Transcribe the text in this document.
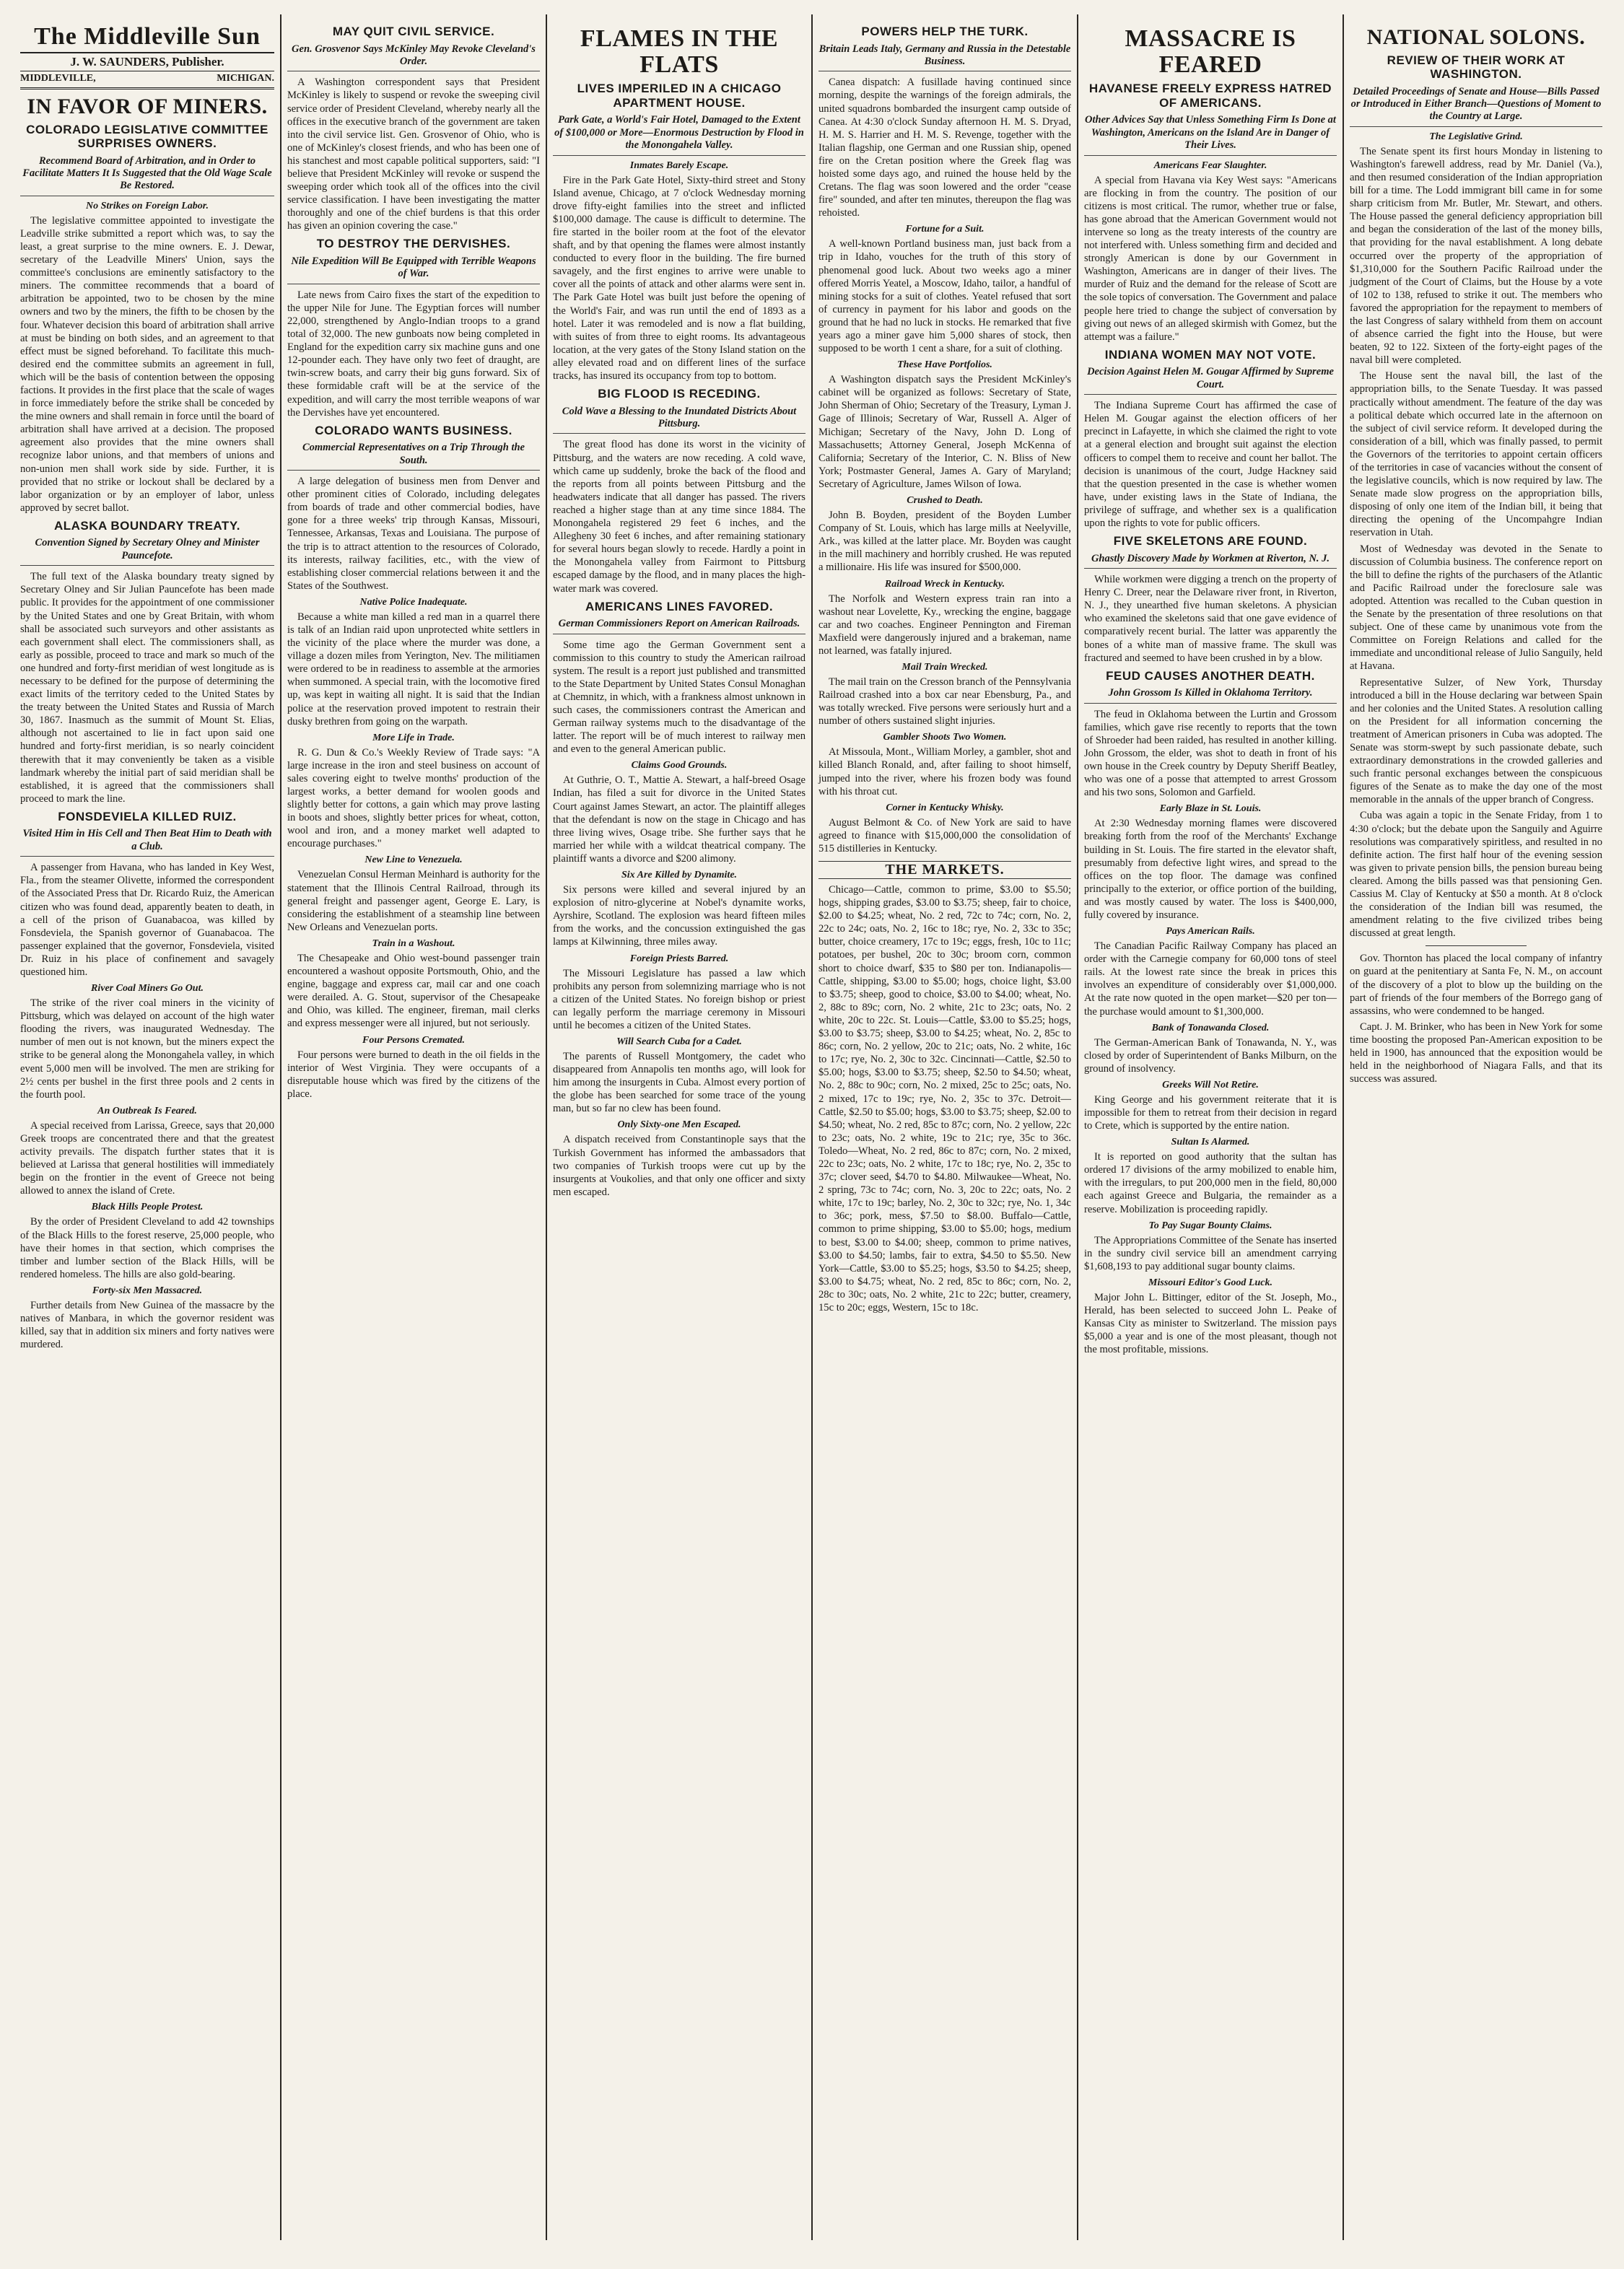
The Middleville Sun
J. W. SAUNDERS, Publisher.
MIDDLEVILLE,	MICHIGAN.
IN FAVOR OF MINERS.
COLORADO LEGISLATIVE COMMITTEE SURPRISES OWNERS.
Recommend Board of Arbitration, and in Order to Facilitate Matters It Is Suggested that the Old Wage Scale Be Restored.
No Strikes on Foreign Labor.

The legislative committee appointed to investigate the Leadville strike submitted a report which was, to say the least, a great surprise to the mine owners. E. J. Dewar, secretary of the Leadville Miners' Union, says the committee's conclusions are eminently satisfactory to the miners. The committee recommends that a board of arbitration be appointed, two to be chosen by the mine owners and two by the miners, the fifth to be chosen by the four. Whatever decision this board of arbitration shall arrive at must be binding on both sides, and an agreement to that effect must be signed beforehand. To facilitate this much-desired end the committee submits an agreement in full, which will be the basis of contention between the opposing factions. It provides in the first place that the scale of wages in force immediately before the strike shall be conceded by the mine owners and shall remain in force until the board of arbitration shall have arrived at a decision. The proposed agreement also provides that the mine owners shall recognize labor unions, and that members of unions and non-union men shall work side by side. Further, it is provided that no strike or lockout shall be declared by a labor organization or by an employer of labor, unless approved by secret ballot.

ALASKA BOUNDARY TREATY.
Convention Signed by Secretary Olney and Minister Pauncefote.

The full text of the Alaska boundary treaty signed by Secretary Olney and Sir Julian Pauncefote has been made public. It provides for the appointment of one commissioner by the United States and one by Great Britain, with whom shall be associated such surveyors and other assistants as each government shall elect. The commissioners shall, as early as possible, proceed to trace and mark so much of the one hundred and forty-first meridian of west longitude as is necessary to be defined for the purpose of determining the exact limits of the territory ceded to the United States by the treaty between the United States and Russia of March 30, 1867. Inasmuch as the summit of Mount St. Elias, although not ascertained to lie in fact upon said one hundred and forty-first meridian, is so nearly coincident therewith that it may conveniently be taken as a visible landmark whereby the initial part of said meridian shall be established, it is agreed that the commissioners shall proceed to mark the line.

FONSDEVIELA KILLED RUIZ.
Visited Him in His Cell and Then Beat Him to Death with a Club.

A passenger from Havana, who has landed in Key West, Fla., from the steamer Olivette, informed the correspondent of the Associated Press that Dr. Ricardo Ruiz, the American citizen who was found dead, apparently beaten to death, in a cell of the prison of Guanabacoa, was killed by Fonsdeviela, the Spanish governor of Guanabacoa. The passenger explained that the governor, Fonsdeviela, visited Dr. Ruiz in his place of confinement and savagely questioned him.

River Coal Miners Go Out.

The strike of the river coal miners in the vicinity of Pittsburg, which was delayed on account of the high water flooding the rivers, was inaugurated Wednesday. The number of men out is not known, but the miners expect the strike to be general along the Monongahela valley, in which event 5,000 men will be involved. The men are striking for 2½ cents per bushel in the first three pools and 2 cents in the fourth pool.

An Outbreak Is Feared.

A special received from Larissa, Greece, says that 20,000 Greek troops are concentrated there and that the greatest activity prevails. The dispatch further states that it is believed at Larissa that general hostilities will immediately begin on the frontier in the event of Greece not being allowed to annex the island of Crete.

Black Hills People Protest.

By the order of President Cleveland to add 42 townships of the Black Hills to the forest reserve, 25,000 people, who have their homes in that section, which comprises the timber and lumber section of the Black Hills, will be rendered homeless. The hills are also gold-bearing.

Forty-six Men Massacred.

Further details from New Guinea of the massacre by the natives of Manbara, in which the governor resident was killed, say that in addition six miners and forty natives were murdered.

MAY QUIT CIVIL SERVICE.
Gen. Grosvenor Says McKinley May Revoke Cleveland's Order.

A Washington correspondent says that President McKinley is likely to suspend or revoke the sweeping civil service order of President Cleveland, whereby nearly all the offices in the executive branch of the government are taken into the civil service list. Gen. Grosvenor of Ohio, who is one of McKinley's closest friends, and who has been one of his stanchest and most capable political supporters, said: "I believe that President McKinley will revoke or suspend the sweeping order which took all of the offices into the civil service classification. I have been investigating the matter thoroughly and one of the chief burdens is that this order has given an opinion covering the case."

TO DESTROY THE DERVISHES.
Nile Expedition Will Be Equipped with Terrible Weapons of War.

Late news from Cairo fixes the start of the expedition to the upper Nile for June. The Egyptian forces will number 22,000, strengthened by Anglo-Indian troops to a grand total of 32,000. The new gunboats now being completed in England for the expedition carry six machine guns and one 12-pounder each. They have only two feet of draught, are twin-screw boats, and carry their big guns forward. Six of these formidable craft will be at the service of the expedition, and will carry the most terrible weapons of war the Dervishes have yet encountered.

COLORADO WANTS BUSINESS.
Commercial Representatives on a Trip Through the South.

A large delegation of business men from Denver and other prominent cities of Colorado, including delegates from boards of trade and other commercial bodies, have gone for a three weeks' trip through Kansas, Missouri, Tennessee, Arkansas, Texas and Louisiana. The purpose of the trip is to attract attention to the resources of Colorado, its interests, railway facilities, etc., with the view of establishing closer commercial relations between it and the States of the Southwest.

Native Police Inadequate.

Because a white man killed a red man in a quarrel there is talk of an Indian raid upon unprotected white settlers in the vicinity of the place where the murder was done, a village a dozen miles from Yerington, Nev. The militiamen were ordered to be in readiness to assemble at the armories when summoned. A special train, with the locomotive fired up, was kept in waiting all night. It is said that the Indian police at the reservation proved impotent to restrain their dusky brethren from going on the warpath.

More Life in Trade.

R. G. Dun & Co.'s Weekly Review of Trade says: "A large increase in the iron and steel business on account of sales covering eight to twelve months' production of the largest works, a better demand for woolen goods and slightly better for cottons, a gain which may prove lasting in boots and shoes, slightly better prices for wheat, cotton, wool and iron, and a money market well adapted to encourage purchases."

New Line to Venezuela.

Venezuelan Consul Herman Meinhard is authority for the statement that the Illinois Central Railroad, through its general freight and passenger agent, George E. Lary, is considering the establishment of a steamship line between New Orleans and Venezuelan ports.

Train in a Washout.

The Chesapeake and Ohio west-bound passenger train encountered a washout opposite Portsmouth, Ohio, and the engine, baggage and express car, mail car and one coach were derailed. A. G. Stout, supervisor of the Chesapeake and Ohio, was killed. The engineer, fireman, mail clerks and express messenger were all injured, but not seriously.

Four Persons Cremated.

Four persons were burned to death in the oil fields in the interior of West Virginia. They were occupants of a disreputable house which was fired by the citizens of the place.

FLAMES IN THE FLATS
LIVES IMPERILED IN A CHICAGO APARTMENT HOUSE.
Park Gate, a World's Fair Hotel, Damaged to the Extent of $100,000 or More—Enormous Destruction by Flood in the Monongahela Valley.
Inmates Barely Escape.

Fire in the Park Gate Hotel, Sixty-third street and Stony Island avenue, Chicago, at 7 o'clock Wednesday morning drove fifty-eight families into the street and inflicted $100,000 damage. The cause is difficult to determine. The fire started in the boiler room at the foot of the elevator shaft, and by that opening the flames were almost instantly conducted to every floor in the building. The fire burned savagely, and the first engines to arrive were unable to cover all the points of attack and other alarms were sent in. The Park Gate Hotel was built just before the opening of the World's Fair, and was run until the end of 1893 as a hotel. Later it was remodeled and is now a flat building, with suites of from three to eight rooms. Its advantageous location, at the very gates of the Stony Island station on the alley elevated road and on different lines of the surface tracks, has insured its occupancy from top to bottom.

BIG FLOOD IS RECEDING.
Cold Wave a Blessing to the Inundated Districts About Pittsburg.

The great flood has done its worst in the vicinity of Pittsburg, and the waters are now receding. A cold wave, which came up suddenly, broke the back of the flood and the reports from all points between Pittsburg and the headwaters indicate that all danger has passed. The rivers reached a higher stage than at any time since 1884. The Monongahela registered 29 feet 6 inches, and the Allegheny 30 feet 6 inches, and after remaining stationary for several hours began slowly to recede. Hardly a point in the Monongahela valley from Fairmont to Pittsburg escaped damage by the flood, and in many places the high-water mark was covered.

AMERICANS LINES FAVORED.
German Commissioners Report on American Railroads.

Some time ago the German Government sent a commission to this country to study the American railroad system. The result is a report just published and transmitted to the State Department by United States Consul Monaghan at Chemnitz, in which, with a frankness almost unknown in such cases, the commissioners contrast the American and German railway systems much to the disadvantage of the latter. The report will be of much interest to railway men and even to the general American public.

Claims Good Grounds.

At Guthrie, O. T., Mattie A. Stewart, a half-breed Osage Indian, has filed a suit for divorce in the United States Court against James Stewart, an actor. The plaintiff alleges that the defendant is now on the stage in Chicago and has three living wives, Osage tribe. She further says that he married her while with a wildcat theatrical company. The plaintiff wants a divorce and $200 alimony.

Six Are Killed by Dynamite.

Six persons were killed and several injured by an explosion of nitro-glycerine at Nobel's dynamite works, Ayrshire, Scotland. The explosion was heard fifteen miles from the works, and the concussion extinguished the gas lamps at Kilwinning, three miles away.

Foreign Priests Barred.

The Missouri Legislature has passed a law which prohibits any person from solemnizing marriage who is not a citizen of the United States. No foreign bishop or priest can legally perform the marriage ceremony in Missouri until he becomes a citizen of the United States.

Will Search Cuba for a Cadet.

The parents of Russell Montgomery, the cadet who disappeared from Annapolis ten months ago, will look for him among the insurgents in Cuba. Almost every portion of the globe has been searched for some trace of the young man, but so far no clew has been found.

Only Sixty-one Men Escaped.

A dispatch received from Constantinople says that the Turkish Government has informed the ambassadors that two companies of Turkish troops were cut up by the insurgents at Voukolies, and that only one officer and sixty men escaped.

POWERS HELP THE TURK.
Britain Leads Italy, Germany and Russia in the Detestable Business.

Canea dispatch: A fusillade having continued since morning, despite the warnings of the foreign admirals, the united squadrons bombarded the insurgent camp outside of Canea. At 4:30 o'clock Sunday afternoon H. M. S. Dryad, H. M. S. Harrier and H. M. S. Revenge, together with the Italian flagship, one German and one Russian ship, opened fire on the Cretan position where the Greek flag was hoisted some days ago, and ruined the house held by the Cretans. The flag was soon lowered and the order "cease fire" sounded, and after ten minutes, thereupon the flag was rehoisted.

Fortune for a Suit.

A well-known Portland business man, just back from a trip in Idaho, vouches for the truth of this story of phenomenal good luck. About two weeks ago a miner offered Morris Yeatel, a Moscow, Idaho, tailor, a handful of mining stocks for a suit of clothes. Yeatel refused that sort of currency in payment for his labor and goods on the ground that he had no luck in stocks. He remarked that five years ago a miner gave him 5,000 shares of stock, then supposed to be worth 1 cent a share, for a suit of clothing.

These Have Portfolios.

A Washington dispatch says the President McKinley's cabinet will be organized as follows: Secretary of State, John Sherman of Ohio; Secretary of the Treasury, Lyman J. Gage of Illinois; Secretary of War, Russell A. Alger of Michigan; Secretary of the Navy, John D. Long of Massachusetts; Attorney General, Joseph McKenna of California; Secretary of the Interior, C. N. Bliss of New York; Postmaster General, James A. Gary of Maryland; Secretary of Agriculture, James Wilson of Iowa.

Crushed to Death.

John B. Boyden, president of the Boyden Lumber Company of St. Louis, which has large mills at Neelyville, Ark., was killed at the latter place. Mr. Boyden was caught in the mill machinery and horribly crushed. He was reputed a millionaire. His life was insured for $500,000.

Railroad Wreck in Kentucky.

The Norfolk and Western express train ran into a washout near Lovelette, Ky., wrecking the engine, baggage car and two coaches. Engineer Pennington and Fireman Maxfield were dangerously injured and a brakeman, name not learned, was fatally injured.

Mail Train Wrecked.

The mail train on the Cresson branch of the Pennsylvania Railroad crashed into a box car near Ebensburg, Pa., and was totally wrecked. Five persons were seriously hurt and a number of others sustained slight injuries.

Gambler Shoots Two Women.

At Missoula, Mont., William Morley, a gambler, shot and killed Blanch Ronald, and, after failing to shoot himself, jumped into the river, where his frozen body was found with his throat cut.

Corner in Kentucky Whisky.

August Belmont & Co. of New York are said to have agreed to finance with $15,000,000 the consolidation of 515 distilleries in Kentucky.

THE MARKETS.

Chicago—Cattle, common to prime, $3.00 to $5.50; hogs, shipping grades, $3.00 to $3.75; sheep, fair to choice, $2.00 to $4.25; wheat, No. 2 red, 72c to 74c; corn, No. 2, 22c to 24c; oats, No. 2, 16c to 18c; rye, No. 2, 33c to 35c; butter, choice creamery, 17c to 19c; eggs, fresh, 10c to 11c; potatoes, per bushel, 20c to 30c; broom corn, common short to choice dwarf, $35 to $80 per ton. Indianapolis—Cattle, shipping, $3.00 to $5.00; hogs, choice light, $3.00 to $3.75; sheep, good to choice, $3.00 to $4.00; wheat, No. 2, 88c to 89c; corn, No. 2 white, 21c to 23c; oats, No. 2 white, 20c to 22c. St. Louis—Cattle, $3.00 to $5.25; hogs, $3.00 to $3.75; sheep, $3.00 to $4.25; wheat, No. 2, 85c to 86c; corn, No. 2 yellow, 20c to 21c; oats, No. 2 white, 16c to 17c; rye, No. 2, 30c to 32c. Cincinnati—Cattle, $2.50 to $5.00; hogs, $3.00 to $3.75; sheep, $2.50 to $4.50; wheat, No. 2, 88c to 90c; corn, No. 2 mixed, 25c to 25c; oats, No. 2 mixed, 17c to 19c; rye, No. 2, 35c to 37c. Detroit—Cattle, $2.50 to $5.00; hogs, $3.00 to $3.75; sheep, $2.00 to $4.50; wheat, No. 2 red, 85c to 87c; corn, No. 2 yellow, 22c to 23c; oats, No. 2 white, 19c to 21c; rye, 35c to 36c. Toledo—Wheat, No. 2 red, 86c to 87c; corn, No. 2 mixed, 22c to 23c; oats, No. 2 white, 17c to 18c; rye, No. 2, 35c to 37c; clover seed, $4.70 to $4.80. Milwaukee—Wheat, No. 2 spring, 73c to 74c; corn, No. 3, 20c to 22c; oats, No. 2 white, 17c to 19c; barley, No. 2, 30c to 32c; rye, No. 1, 34c to 36c; pork, mess, $7.50 to $8.00. Buffalo—Cattle, common to prime shipping, $3.00 to $5.00; hogs, medium to best, $3.00 to $4.00; sheep, common to prime natives, $3.00 to $4.50; lambs, fair to extra, $4.50 to $5.50. New York—Cattle, $3.00 to $5.25; hogs, $3.50 to $4.25; sheep, $3.00 to $4.75; wheat, No. 2 red, 85c to 86c; corn, No. 2, 28c to 30c; oats, No. 2 white, 21c to 22c; butter, creamery, 15c to 20c; eggs, Western, 15c to 18c.

MASSACRE IS FEARED
HAVANESE FREELY EXPRESS HATRED OF AMERICANS.
Other Advices Say that Unless Something Firm Is Done at Washington, Americans on the Island Are in Danger of Their Lives.
Americans Fear Slaughter.

A special from Havana via Key West says: "Americans are flocking in from the country. The position of our citizens is most critical. The rumor, whether true or false, has gone abroad that the American Government would not intervene so long as the treaty interests of the country are not interfered with. Unless something firm and decided and strongly American is done by our Government in Washington, Americans are in danger of their lives. The murder of Ruiz and the demand for the release of Scott are the sole topics of conversation. The Government and palace people here tried to change the subject of conversation by giving out news of an alleged skirmish with Gomez, but the attempt was a failure."

INDIANA WOMEN MAY NOT VOTE.
Decision Against Helen M. Gougar Affirmed by Supreme Court.

The Indiana Supreme Court has affirmed the case of Helen M. Gougar against the election officers of her precinct in Lafayette, in which she claimed the right to vote at a general election and brought suit against the election officers to compel them to receive and count her ballot. The decision is unanimous of the court, Judge Hackney said that the question presented in the case is whether women have, under existing laws in the State of Indiana, the privilege of suffrage, and whether sex is a qualification upon the rights to vote for public officers.

FIVE SKELETONS ARE FOUND.
Ghastly Discovery Made by Workmen at Riverton, N. J.

While workmen were digging a trench on the property of Henry C. Dreer, near the Delaware river front, in Riverton, N. J., they unearthed five human skeletons. A physician who examined the skeletons said that one gave evidence of comparatively recent burial. The latter was apparently the bones of a white man of massive frame. The skull was fractured and seemed to have been crushed in by a blow.

FEUD CAUSES ANOTHER DEATH.
John Grossom Is Killed in Oklahoma Territory.

The feud in Oklahoma between the Lurtin and Grossom families, which gave rise recently to reports that the town of Shroeder had been raided, has resulted in another killing. John Grossom, the elder, was shot to death in front of his own house in the Creek country by Deputy Sheriff Beatley, who was one of a posse that attempted to arrest Grossom and his two sons, Solomon and Garfield.

Early Blaze in St. Louis.

At 2:30 Wednesday morning flames were discovered breaking forth from the roof of the Merchants' Exchange building in St. Louis. The fire started in the elevator shaft, presumably from defective light wires, and spread to the offices on the top floor. The damage was confined principally to the exterior, or office portion of the building, and was mostly caused by water. The loss is $400,000, fully covered by insurance.

Pays American Rails.

The Canadian Pacific Railway Company has placed an order with the Carnegie company for 60,000 tons of steel rails. At the lowest rate since the break in prices this involves an expenditure of considerably over $1,000,000. At the rate now quoted in the open market—$20 per ton—the purchase would amount to $1,300,000.

Bank of Tonawanda Closed.

The German-American Bank of Tonawanda, N. Y., was closed by order of Superintendent of Banks Milburn, on the ground of insolvency.

Greeks Will Not Retire.

King George and his government reiterate that it is impossible for them to retreat from their decision in regard to Crete, which is supported by the entire nation.

Sultan Is Alarmed.

It is reported on good authority that the sultan has ordered 17 divisions of the army mobilized to enable him, with the irregulars, to put 200,000 men in the field, 80,000 each against Greece and Bulgaria, the remainder as a reserve. Mobilization is proceeding rapidly.

To Pay Sugar Bounty Claims.

The Appropriations Committee of the Senate has inserted in the sundry civil service bill an amendment carrying $1,608,193 to pay additional sugar bounty claims.

Missouri Editor's Good Luck.

Major John L. Bittinger, editor of the St. Joseph, Mo., Herald, has been selected to succeed John L. Peake of Kansas City as minister to Switzerland. The mission pays $5,000 a year and is one of the most pleasant, though not the most profitable, missions.

NATIONAL SOLONS.
REVIEW OF THEIR WORK AT WASHINGTON.
Detailed Proceedings of Senate and House—Bills Passed or Introduced in Either Branch—Questions of Moment to the Country at Large.
The Legislative Grind.

The Senate spent its first hours Monday in listening to Washington's farewell address, read by Mr. Daniel (Va.), and then resumed consideration of the Indian appropriation bill for a time. The Lodd immigrant bill came in for some sharp criticism from Mr. Butler, Mr. Stewart, and others. The House passed the general deficiency appropriation bill and began the consideration of the last of the money bills, that providing for the naval establishment. A long debate occurred over the property of the appropriation of $1,310,000 for the Southern Pacific Railroad under the judgment of the Court of Claims, but the House by a vote of 102 to 138, refused to strike it out. The members who favored the appropriation for the repayment to members of the last Congress of salary withheld from them on account of absence carried the fight into the House, but were beaten, 92 to 122. Sixteen of the forty-eight pages of the naval bill were completed.

The House sent the naval bill, the last of the appropriation bills, to the Senate Tuesday. It was passed practically without amendment. The feature of the day was a political debate which occurred late in the afternoon on the subject of civil service reform. It developed during the consideration of a bill, which was finally passed, to permit the Governors of the territories to appoint certain officers of the territories in case of vacancies without the consent of the legislative councils, which is now required by law. The Senate made slow progress on the appropriation bills, disposing of only one item of the Indian bill, it being that directing the opening of the Uncompahgre Indian reservation in Utah.

Most of Wednesday was devoted in the Senate to discussion of Columbia business. The conference report on the bill to define the rights of the purchasers of the Atlantic and Pacific Railroad under the foreclosure sale was adopted. Attention was recalled to the Cuban question in the Senate by the presentation of three resolutions on that subject. One of these came by unanimous vote from the Committee on Foreign Relations and called for the immediate and unconditional release of Julio Sanguily, held at Havana.

Representative Sulzer, of New York, Thursday introduced a bill in the House declaring war between Spain and her colonies and the United States. A resolution calling on the President for all information concerning the treatment of American prisoners in Cuba was adopted. The Senate was storm-swept by such passionate debate, such extraordinary demonstrations in the crowded galleries and such frantic personal exchanges between the conspicuous figures of the Senate as to make the day one of the most memorable in the annals of the upper branch of Congress.

Cuba was again a topic in the Senate Friday, from 1 to 4:30 o'clock; but the debate upon the Sanguily and Aguirre resolutions was comparatively spiritless, and resulted in no definite action. The first half hour of the evening session was given to private pension bills, the pension bureau being cleared. Among the bills passed was that pensioning Gen. Cassius M. Clay of Kentucky at $50 a month. At 8 o'clock the consideration of the Indian bill was resumed, the amendment relating to the five civilized tribes being discussed at great length.

Gov. Thornton has placed the local company of infantry on guard at the penitentiary at Santa Fe, N. M., on account of the discovery of a plot to blow up the building on the part of friends of the four members of the Borrego gang of assassins, who were condemned to be hanged.

Capt. J. M. Brinker, who has been in New York for some time boosting the proposed Pan-American exposition to be held in 1900, has announced that the exposition would be held in the neighborhood of Niagara Falls, and that its success was assured.
